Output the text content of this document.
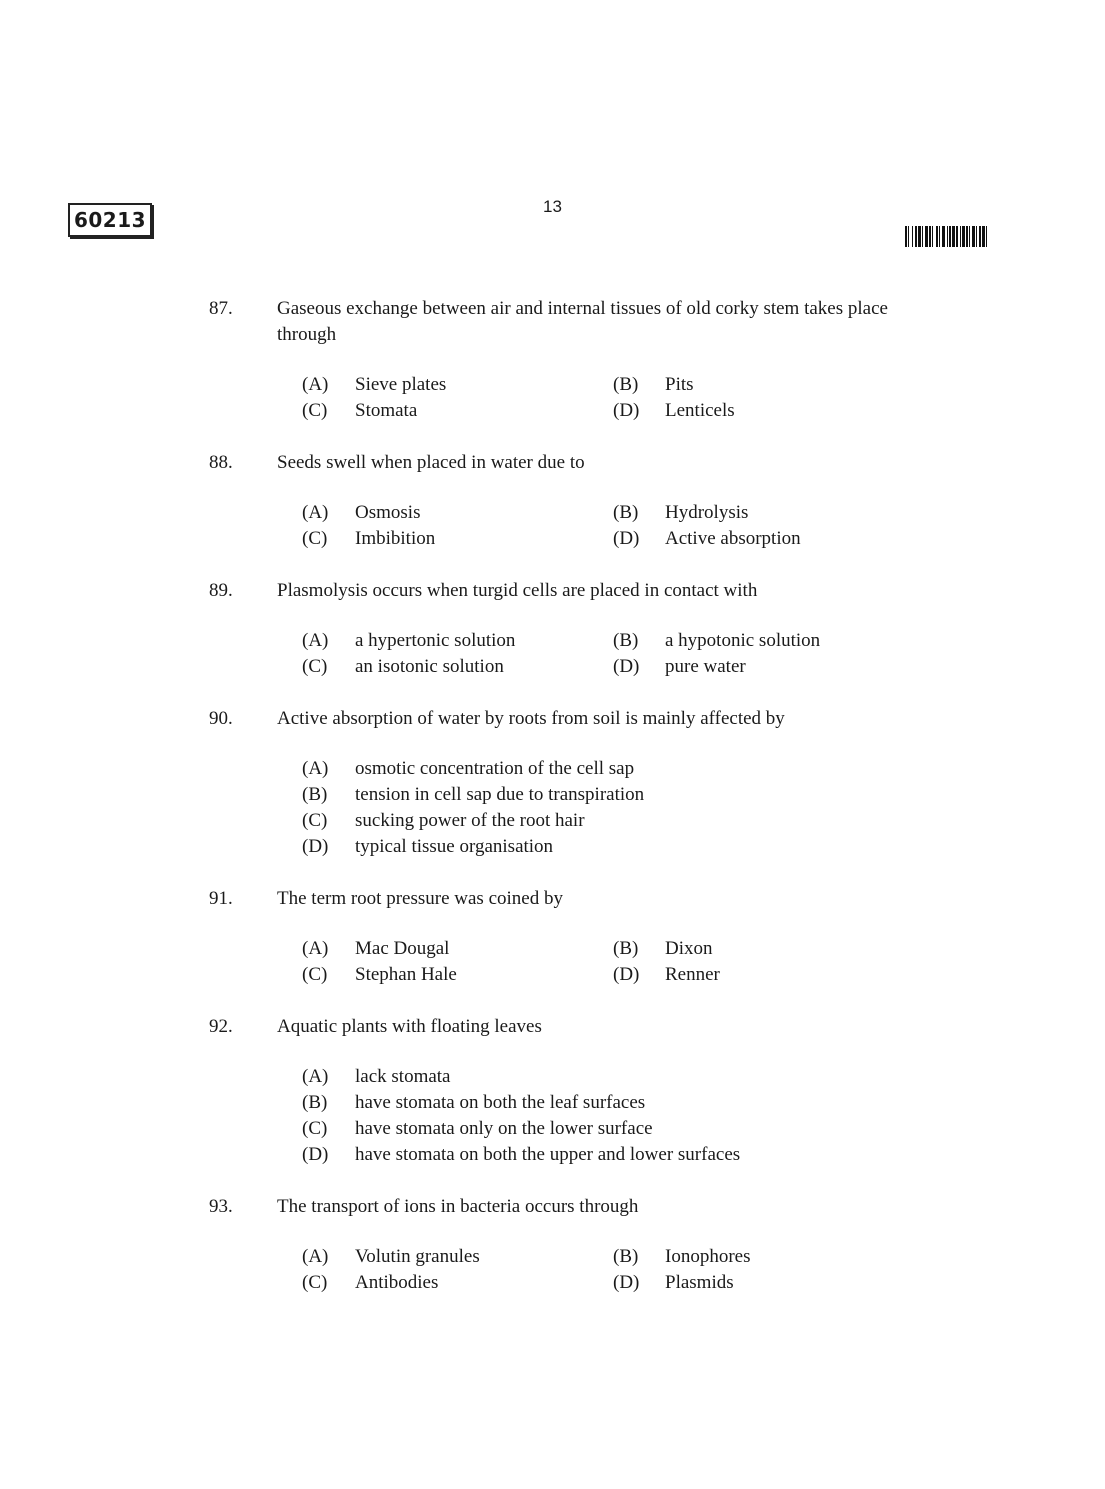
60213
13
87. Gaseous exchange between air and internal tissues of old corky stem takes place through
(A) Sieve plates	(B) Pits
(C) Stomata	(D) Lenticels
88. Seeds swell when placed in water due to
(A) Osmosis	(B) Hydrolysis
(C) Imbibition	(D) Active absorption
89. Plasmolysis occurs when turgid cells are placed in contact with
(A) a hypertonic solution	(B) a hypotonic solution
(C) an isotonic solution	(D) pure water
90. Active absorption of water by roots from soil is mainly affected by
(A) osmotic concentration of the cell sap
(B) tension in cell sap due to transpiration
(C) sucking power of the root hair
(D) typical tissue organisation
91. The term root pressure was coined by
(A) Mac Dougal	(B) Dixon
(C) Stephan Hale	(D) Renner
92. Aquatic plants with floating leaves
(A) lack stomata
(B) have stomata on both the leaf surfaces
(C) have stomata only on the lower surface
(D) have stomata on both the upper and lower surfaces
93. The transport of ions in bacteria occurs through
(A) Volutin granules	(B) Ionophores
(C) Antibodies	(D) Plasmids
